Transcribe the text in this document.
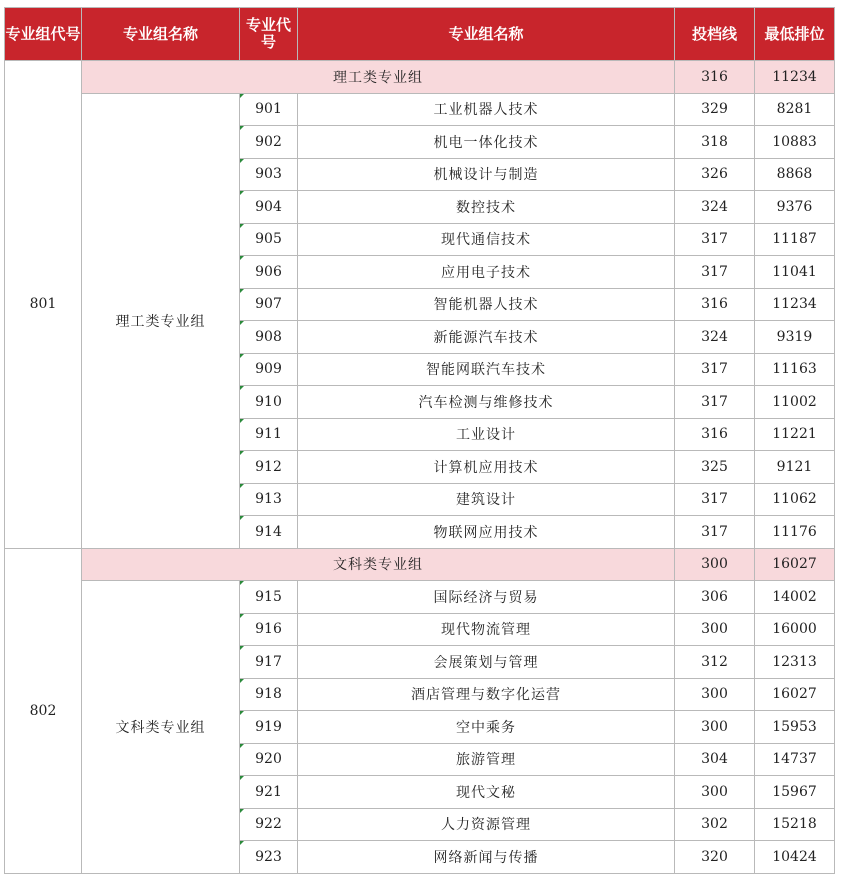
专业组代号	专业组名称	专业代号	专业组名称	投档线	最低排位
801	理工类专业组			316	11234
	理工类专业组	901	工业机器人技术	329	8281
		902	机电一体化技术	318	10883
		903	机械设计与制造	326	8868
		904	数控技术	324	9376
		905	现代通信技术	317	11187
		906	应用电子技术	317	11041
		907	智能机器人技术	316	11234
		908	新能源汽车技术	324	9319
		909	智能网联汽车技术	317	11163
		910	汽车检测与维修技术	317	11002
		911	工业设计	316	11221
		912	计算机应用技术	325	9121
		913	建筑设计	317	11062
		914	物联网应用技术	317	11176
802	文科类专业组			300	16027
	文科类专业组	915	国际经济与贸易	306	14002
		916	现代物流管理	300	16000
		917	会展策划与管理	312	12313
		918	酒店管理与数字化运营	300	16027
		919	空中乘务	300	15953
		920	旅游管理	304	14737
		921	现代文秘	300	15967
		922	人力资源管理	302	15218
		923	网络新闻与传播	320	10424
